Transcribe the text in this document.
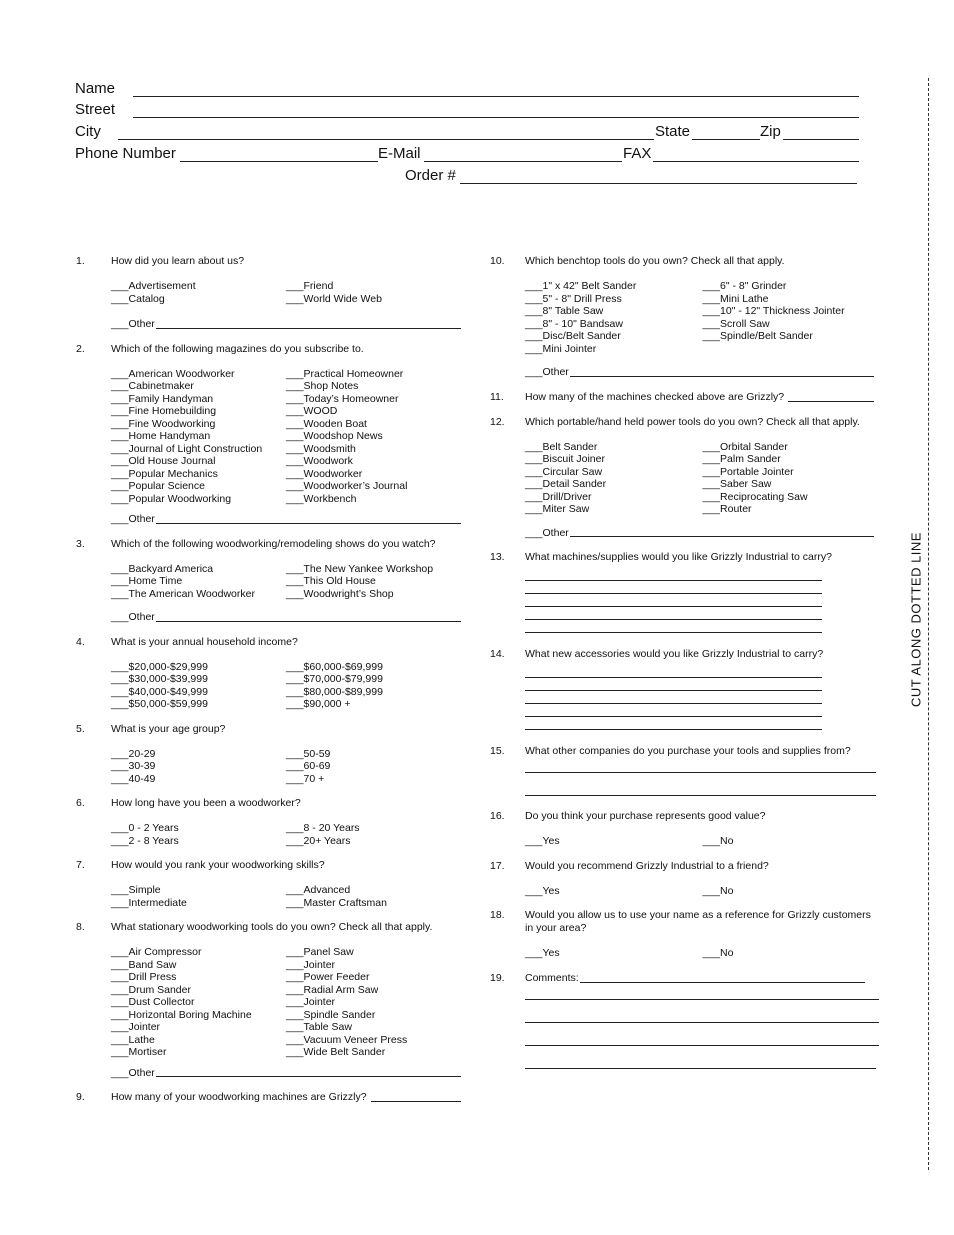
Name
Street
City	State	Zip
Phone Number	E-Mail	FAX
Order #
1. How did you learn about us?
___Advertisement
___Catalog
___Friend
___World Wide Web
___Other
2. Which of the following magazines do you subscribe to.
___American Woodworker
___Cabinetmaker
___Family Handyman
___Fine Homebuilding
___Fine Woodworking
___Home Handyman
___Journal of Light Construction
___Old House Journal
___Popular Mechanics
___Popular Science
___Popular Woodworking
___Practical Homeowner
___Shop Notes
___Today’s Homeowner
___WOOD
___Wooden Boat
___Woodshop News
___Woodsmith
___Woodwork
___Woodworker
___Woodworker’s Journal
___Workbench
___Other
3. Which of the following woodworking/remodeling shows do you watch?
___Backyard America
___Home Time
___The American Woodworker
___The New Yankee Workshop
___This Old House
___Woodwright’s Shop
___Other
4. What is your annual household income?
___$20,000-$29,999
___$30,000-$39,999
___$40,000-$49,999
___$50,000-$59,999
___$60,000-$69,999
___$70,000-$79,999
___$80,000-$89,999
___$90,000 +
5. What is your age group?
___20-29
___30-39
___40-49
___50-59
___60-69
___70 +
6. How long have you been a woodworker?
___0 - 2 Years
___2 - 8 Years
___8 - 20 Years
___20+ Years
7. How would you rank your woodworking skills?
___Simple
___Intermediate
___Advanced
___Master Craftsman
8. What stationary woodworking tools do you own? Check all that apply.
___Air Compressor
___Band Saw
___Drill Press
___Drum Sander
___Dust Collector
___Horizontal Boring Machine
___Jointer
___Lathe
___Mortiser
___Panel Saw
___Jointer
___Power Feeder
___Radial Arm Saw
___Jointer
___Spindle Sander
___Table Saw
___Vacuum Veneer Press
___Wide Belt Sander
___Other
9. How many of your woodworking machines are Grizzly?
10. Which benchtop tools do you own? Check all that apply.
___1" x 42" Belt Sander
___5" - 8" Drill Press
___8" Table Saw
___8" - 10" Bandsaw
___Disc/Belt Sander
___Mini Jointer
___6" - 8" Grinder
___Mini Lathe
___10" - 12" Thickness Jointer
___Scroll Saw
___Spindle/Belt Sander
___Other
11. How many of the machines checked above are Grizzly?
12. Which portable/hand held power tools do you own? Check all that apply.
___Belt Sander
___Biscuit Joiner
___Circular Saw
___Detail Sander
___Drill/Driver
___Miter Saw
___Orbital Sander
___Palm Sander
___Portable Jointer
___Saber Saw
___Reciprocating Saw
___Router
___Other
13. What machines/supplies would you like Grizzly Industrial to carry?
14. What new accessories would you like Grizzly Industrial to carry?
15. What other companies do you purchase your tools and supplies from?
16. Do you think your purchase represents good value?
___Yes	___No
17. Would you recommend Grizzly Industrial to a friend?
___Yes	___No
18. Would you allow us to use your name as a reference for Grizzly customers in your area?
___Yes	___No
19. Comments:
CUT ALONG DOTTED LINE
